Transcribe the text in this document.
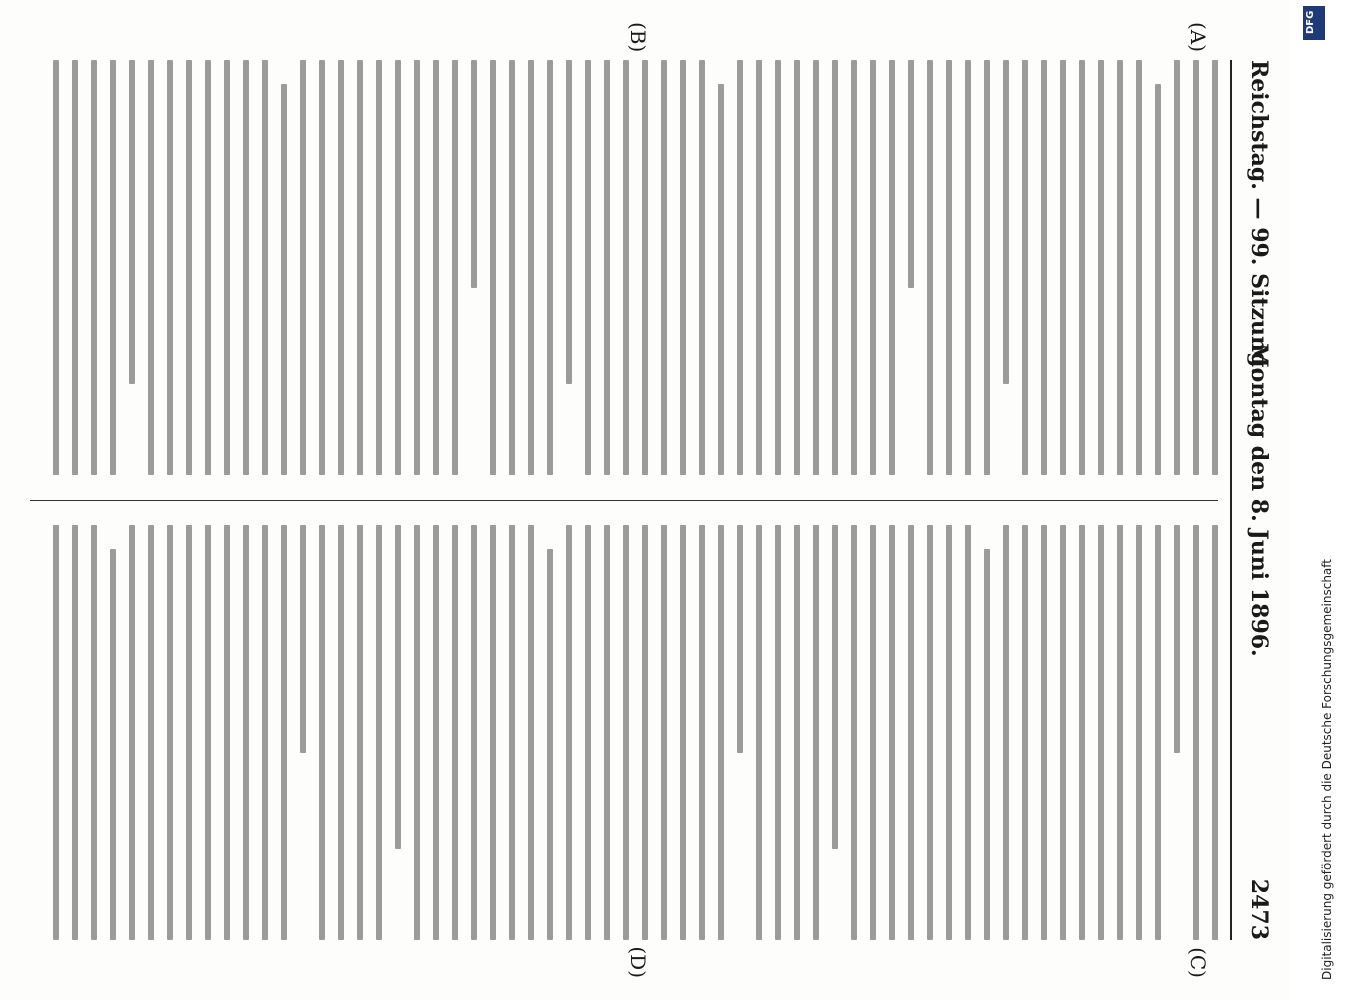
Reichstag. — 99. Sitzung.
Montag den 8. Juni 1896.
2473
(A)
(B)
(C)
(D)
DFG
Digitalisierung gefördert durch die Deutsche Forschungsgemeinschaft
